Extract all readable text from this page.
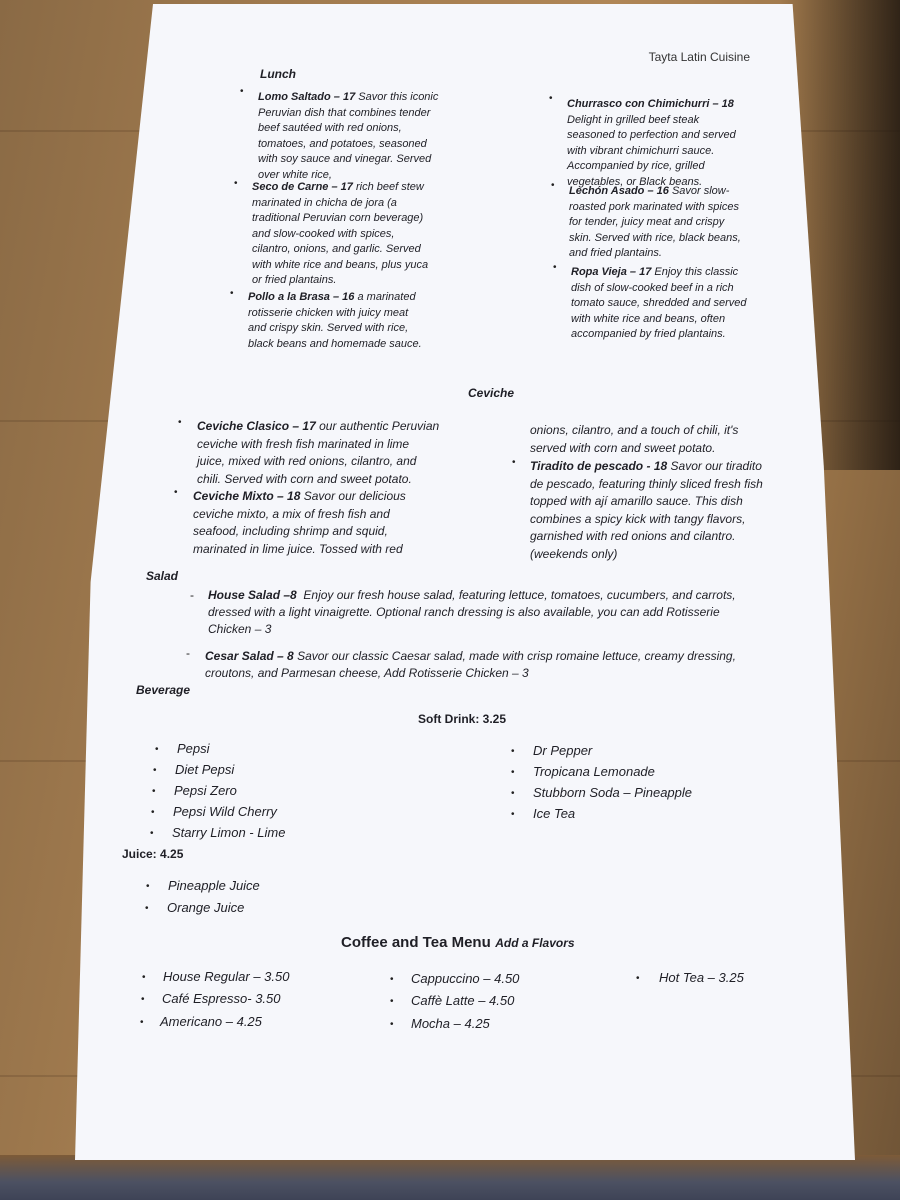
Tayta Latin Cuisine
Lunch
• Lomo Saltado – 17 Savor this iconic
Peruvian dish that combines tender
beef sautéed with red onions,
tomatoes, and potatoes, seasoned
with soy sauce and vinegar. Served
over white rice,
• Seco de Carne – 17 rich beef stew
marinated in chicha de jora (a
traditional Peruvian corn beverage)
and slow-cooked with spices,
cilantro, onions, and garlic. Served
with white rice and beans, plus yuca
or fried plantains.
• Pollo a la Brasa – 16 a marinated
rotisserie chicken with juicy meat
and crispy skin. Served with rice,
black beans and homemade sauce.
• Churrasco con Chimichurri – 18
Delight in grilled beef steak
seasoned to perfection and served
with vibrant chimichurri sauce.
Accompanied by rice, grilled
vegetables, or Black beans.
• Lechón Asado – 16 Savor slow-
roasted pork marinated with spices
for tender, juicy meat and crispy
skin. Served with rice, black beans,
and fried plantains.
• Ropa Vieja – 17 Enjoy this classic
dish of slow-cooked beef in a rich
tomato sauce, shredded and served
with white rice and beans, often
accompanied by fried plantains.
Ceviche
• Ceviche Clasico – 17 our authentic Peruvian
ceviche with fresh fish marinated in lime
juice, mixed with red onions, cilantro, and
chili. Served with corn and sweet potato.
• Ceviche Mixto – 18 Savor our delicious
ceviche mixto, a mix of fresh fish and
seafood, including shrimp and squid,
marinated in lime juice. Tossed with red
onions, cilantro, and a touch of chili, it's
served with corn and sweet potato.
• Tiradito de pescado - 18 Savor our tiradito
de pescado, featuring thinly sliced fresh fish
topped with ají amarillo sauce. This dish
combines a spicy kick with tangy flavors,
garnished with red onions and cilantro.
(weekends only)
Salad
- House Salad –8 Enjoy our fresh house salad, featuring lettuce, tomatoes, cucumbers, and carrots,
dressed with a light vinaigrette. Optional ranch dressing is also available, you can add Rotisserie
Chicken – 3
- Cesar Salad – 8 Savor our classic Caesar salad, made with crisp romaine lettuce, creamy dressing,
croutons, and Parmesan cheese, Add Rotisserie Chicken – 3
Beverage
Soft Drink: 3.25
• Pepsi
• Diet Pepsi
• Pepsi Zero
• Pepsi Wild Cherry
• Starry Limon - Lime
• Dr Pepper
• Tropicana Lemonade
• Stubborn Soda – Pineapple
• Ice Tea
Juice: 4.25
• Pineapple Juice
• Orange Juice
Coffee and Tea Menu Add a Flavors
• House Regular – 3.50
• Café Espresso- 3.50
• Americano – 4.25
• Cappuccino – 4.50
• Caffè Latte – 4.50
• Mocha – 4.25
• Hot Tea – 3.25
